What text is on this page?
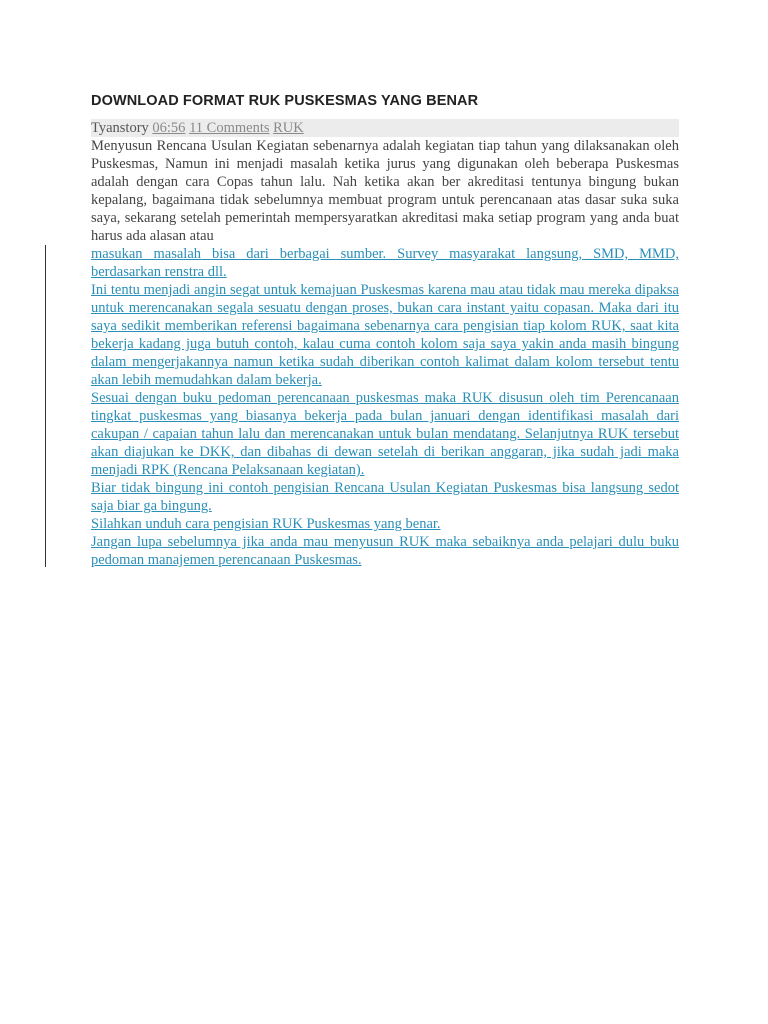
DOWNLOAD FORMAT RUK PUSKESMAS YANG BENAR
Tyanstory 06:56 11 Comments RUK

Menyusun Rencana Usulan Kegiatan sebenarnya adalah kegiatan tiap tahun yang dilaksanakan oleh Puskesmas, Namun ini menjadi masalah ketika jurus yang digunakan oleh beberapa Puskesmas adalah dengan cara Copas tahun lalu. Nah ketika akan ber akreditasi tentunya bingung bukan kepalang, bagaimana tidak sebelumnya membuat program untuk perencanaan atas dasar suka suka saya, sekarang setelah pemerintah mempersyaratkan akreditasi maka setiap program yang anda buat harus ada alasan atau

masukan masalah bisa dari berbagai sumber. Survey masyarakat langsung, SMD, MMD, berdasarkan renstra dll.
Ini tentu menjadi angin segat untuk kemajuan Puskesmas karena mau atau tidak mau mereka dipaksa untuk merencanakan segala sesuatu dengan proses, bukan cara instant yaitu copasan. Maka dari itu saya sedikit memberikan referensi bagaimana sebenarnya cara pengisian tiap kolom RUK, saat kita bekerja kadang juga butuh contoh, kalau cuma contoh kolom saja saya yakin anda masih bingung dalam mengerjakannya namun ketika sudah diberikan contoh kalimat dalam kolom tersebut tentu akan lebih memudahkan dalam bekerja.
Sesuai dengan buku pedoman perencanaan puskesmas maka RUK disusun oleh tim Perencanaan tingkat puskesmas yang biasanya bekerja pada bulan januari dengan identifikasi masalah dari cakupan / capaian tahun lalu dan merencanakan untuk bulan mendatang. Selanjutnya RUK tersebut akan diajukan ke DKK, dan dibahas di dewan setelah di berikan anggaran, jika sudah jadi maka menjadi RPK (Rencana Pelaksanaan kegiatan).
Biar tidak bingung ini contoh pengisian Rencana Usulan Kegiatan Puskesmas bisa langsung sedot saja biar ga bingung.
Silahkan unduh cara pengisian RUK Puskesmas yang benar.
Jangan lupa sebelumnya jika anda mau menyusun RUK maka sebaiknya anda pelajari dulu buku pedoman manajemen perencanaan Puskesmas.
